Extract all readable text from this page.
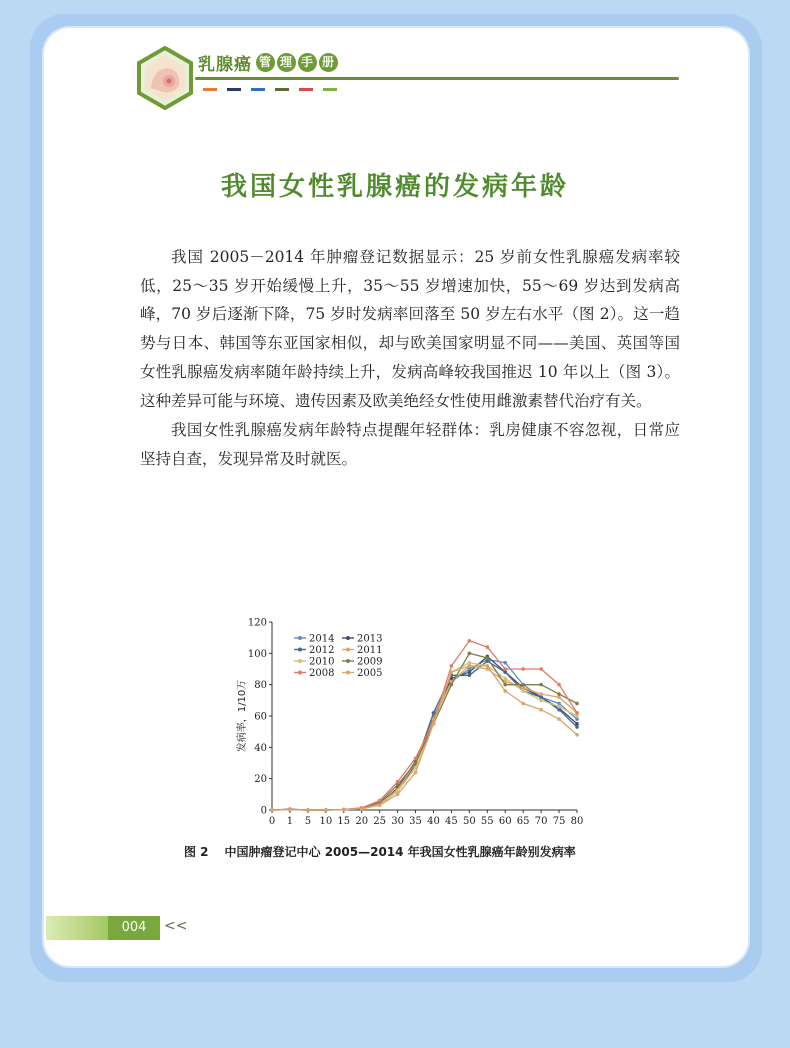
乳腺癌 管 理 手 册
我国女性乳腺癌的发病年龄

我国 2005－2014 年肿瘤登记数据显示：25 岁前女性乳腺癌发病率较低，25～35 岁开始缓慢上升，35～55 岁增速加快，55～69 岁达到发病高峰，70 岁后逐渐下降，75 岁时发病率回落至 50 岁左右水平（图 2）。这一趋势与日本、韩国等东亚国家相似，却与欧美国家明显不同——美国、英国等国女性乳腺癌发病率随年龄持续上升，发病高峰较我国推迟 10 年以上（图 3）。这种差异可能与环境、遗传因素及欧美绝经女性使用雌激素替代治疗有关。

我国女性乳腺癌发病年龄特点提醒年轻群体：乳房健康不容忽视，日常应坚持自查，发现异常及时就医。

0
20
40
60
80
100
120
0 1 5 10 15 20 25 30 35 40 45 50 55 60 65 70 75 80
发病率，1/10万
2014 2013
2012 2011
2010 2009
2008 2005
图 2 中国肿瘤登记中心 2005—2014 年我国女性乳腺癌年龄别发病率
004	<<
